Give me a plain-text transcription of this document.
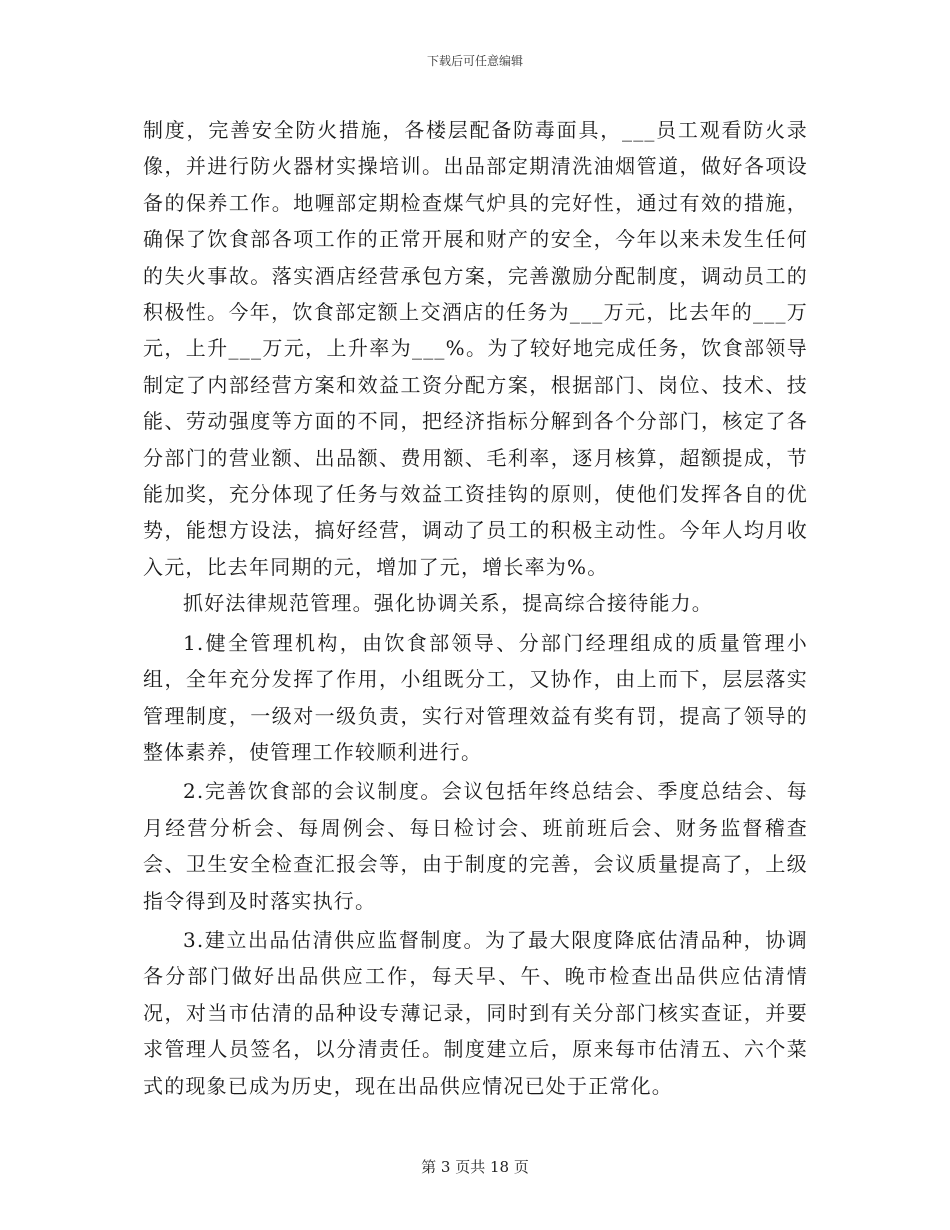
下载后可任意编辑

制度，完善安全防火措施，各楼层配备防毒面具，___员工观看防火录像，并进行防火器材实操培训。出品部定期清洗油烟管道，做好各项设备的保养工作。地喱部定期检查煤气炉具的完好性，通过有效的措施，确保了饮食部各项工作的正常开展和财产的安全，今年以来未发生任何的失火事故。落实酒店经营承包方案，完善激励分配制度，调动员工的积极性。今年，饮食部定额上交酒店的任务为___万元，比去年的___万元，上升___万元，上升率为___%。为了较好地完成任务，饮食部领导制定了内部经营方案和效益工资分配方案，根据部门、岗位、技术、技能、劳动强度等方面的不同，把经济指标分解到各个分部门，核定了各分部门的营业额、出品额、费用额、毛利率，逐月核算，超额提成，节能加奖，充分体现了任务与效益工资挂钩的原则，使他们发挥各自的优势，能想方设法，搞好经营，调动了员工的积极主动性。今年人均月收入元，比去年同期的元，增加了元，增长率为%。

抓好法律规范管理。强化协调关系，提高综合接待能力。

1.健全管理机构，由饮食部领导、分部门经理组成的质量管理小组，全年充分发挥了作用，小组既分工，又协作，由上而下，层层落实管理制度，一级对一级负责，实行对管理效益有奖有罚，提高了领导的整体素养，使管理工作较顺利进行。

2.完善饮食部的会议制度。会议包括年终总结会、季度总结会、每月经营分析会、每周例会、每日检讨会、班前班后会、财务监督稽查会、卫生安全检查汇报会等，由于制度的完善，会议质量提高了，上级指令得到及时落实执行。

3.建立出品估清供应监督制度。为了最大限度降底估清品种，协调各分部门做好出品供应工作，每天早、午、晚市检查出品供应估清情况，对当市估清的品种设专薄记录，同时到有关分部门核实查证，并要求管理人员签名，以分清责任。制度建立后，原来每市估清五、六个菜式的现象已成为历史，现在出品供应情况已处于正常化。

第 3 页共 18 页
